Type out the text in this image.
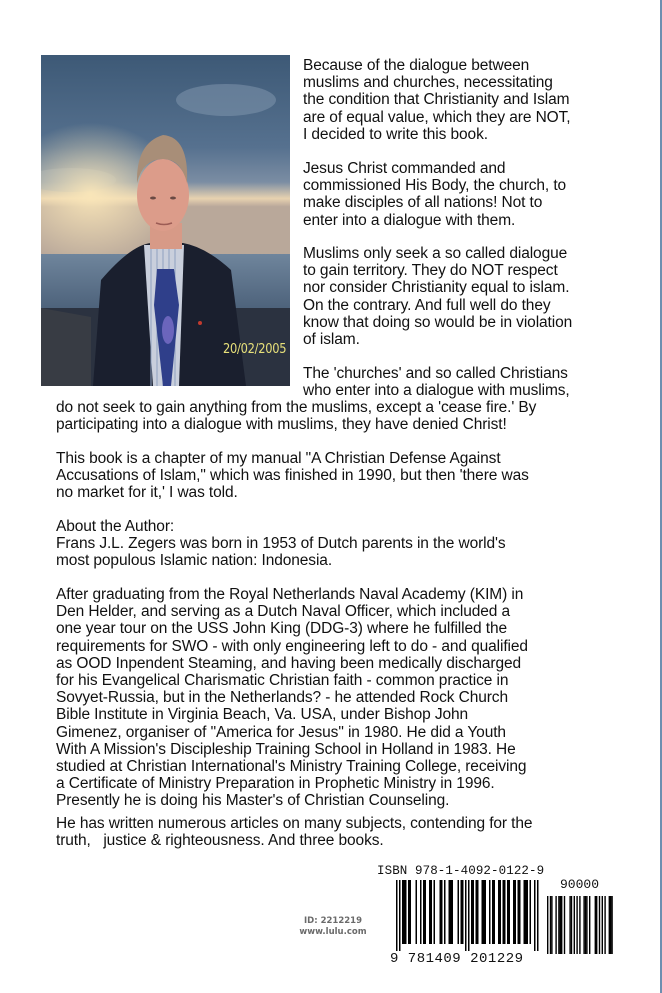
20/02/2005

Because of the dialogue between
muslims and churches, necessitating
the condition that Christianity and Islam
are of equal value, which they are NOT,
I decided to write this book.

Jesus Christ commanded and
commissioned His Body, the church, to
make disciples of all nations! Not to
enter into a dialogue with them.

Muslims only seek a so called dialogue
to gain territory. They do NOT respect
nor consider Christianity equal to islam.
On the contrary. And full well do they
know that doing so would be in violation
of islam.

The 'churches' and so called Christians
who enter into a dialogue with muslims,

do not seek to gain anything from the muslims, except a 'cease fire.' By
participating into a dialogue with muslims, they have denied Christ!

This book is a chapter of my manual "A Christian Defense Against
Accusations of Islam," which was finished in 1990, but then 'there was
no market for it,' I was told.

About the Author:

Frans J.L. Zegers was born in 1953 of Dutch parents in the world's
most populous Islamic nation: Indonesia.

After graduating from the Royal Netherlands Naval Academy (KIM) in
Den Helder, and serving as a Dutch Naval Officer, which included a
one year tour on the USS John King (DDG-3) where he fulfilled the
requirements for SWO - with only engineering left to do - and qualified
as OOD Inpendent Steaming, and having been medically discharged
for his Evangelical Charismatic Christian faith - common practice in
Sovyet-Russia, but in the Netherlands? - he attended Rock Church
Bible Institute in Virginia Beach, Va. USA, under Bishop John
Gimenez, organiser of "America for Jesus" in 1980. He did a Youth
With A Mission's Discipleship Training School in Holland in 1983. He
studied at Christian International's Ministry Training College, receiving
a Certificate of Ministry Preparation in Prophetic Ministry in 1996.
Presently he is doing his Master's of Christian Counseling.

He has written numerous articles on many subjects, contending for the
truth,   justice & righteousness. And three books.

ID: 2212219
www.lulu.com
ISBN 978-1-4092-0122-9
90000
9 781409 201229
